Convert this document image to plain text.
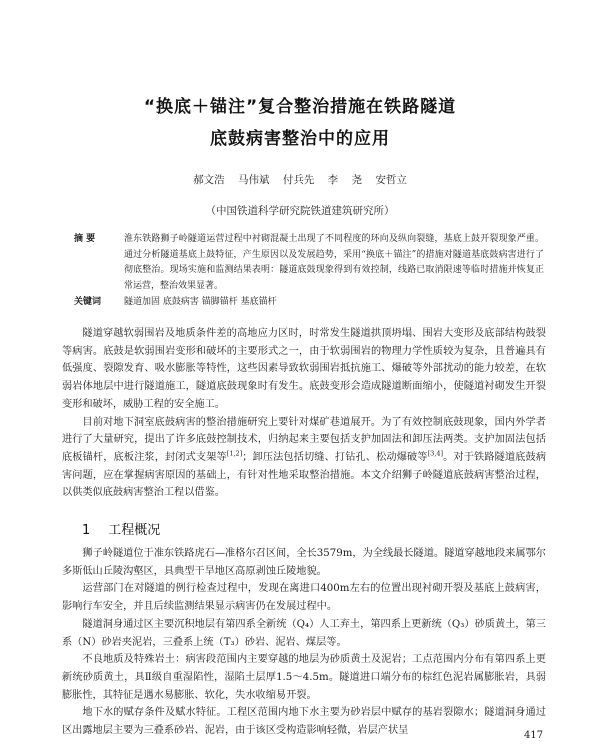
“换底＋锚注”复合整治措施在铁路隧道
底鼓病害整治中的应用
郝文浩 马伟斌 付兵先 李 尧 安哲立
（中国铁道科学研究院铁道建筑研究所）
摘 要	淮东铁路狮子岭隧道运营过程中衬砌混凝土出现了不同程度的环向及纵向裂缝，基底上鼓开裂现象严重。通过分析隧道基底上鼓特征，产生原因以及发展趋势，采用“换底＋锚注”的措施对隧道基底鼓病害进行了彻底整治。现场实施和监测结果表明：隧道底鼓现象得到有效控制，线路已取消限速等临时措施并恢复正常运营，整治效果显著。
关键词	隧道加固 底鼓病害 锚脚锚杆 基底锚杆

隧道穿越软弱围岩及地质条件差的高地应力区时，时常发生隧道拱顶坍塌、围岩大变形及底部结构鼓裂等病害。底鼓是软弱围岩变形和破坏的主要形式之一，由于软弱围岩的物理力学性质较为复杂，且普遍具有低强度、裂隙发育、吸水膨胀等特性，这些因素导致软弱围岩抵抗施工、爆破等外部扰动的能力较差，在软弱岩体地层中进行隧道施工，隧道底鼓现象时有发生。底鼓变形会造成隧道断面缩小，使隧道衬砌发生开裂变形和破坏，威胁工程的安全施工。

目前对地下洞室底鼓病害的整治措施研究上要针对煤矿巷道展开。为了有效控制底鼓现象，国内外学者进行了大量研究，提出了许多底鼓控制技术，归纳起来主要包括支护加固法和卸压法两类。支护加固法包括底板锚杆，底板注浆，封闭式支架等[1,2]；卸压法包括切缝、打钻孔、松动爆破等[3,4]。对于铁路隧道底鼓病害问题，应在掌握病害原因的基础上，有针对性地采取整治措施。本文介绍狮子岭隧道底鼓病害整治过程，以供类似底鼓病害整治工程以借鉴。

1 工程概况

狮子岭隧道位于准东铁路虎石—准格尔召区间，全长3579m，为全线最长隧道。隧道穿越地段来属鄂尔多斯低山丘陵沟壑区，具典型干旱地区高原剥蚀丘陵地貌。

运营部门在对隧道的例行检查过程中，发现在离进口400m左右的位置出现衬砌开裂及基底上鼓病害，影响行车安全，并且后续监测结果显示病害仍在发展过程中。

隧道洞身通过区主要沉积地层有第四系全新统（Q₄）人工弃土，第四系上更新统（Q₃）砂质黄土，第三系（N）砂岩夹泥岩，三叠系上统（T₃）砂岩、泥岩、煤层等。

不良地质及特殊岩土：病害段范围内主要穿越的地层为砂质黄土及泥岩；工点范围内分布有第四系上更新统砂质黄土，具Ⅱ级自重湿陷性，湿陷土层厚1.5～4.5m。隧道进口端分布的棕红色泥岩属膨胀岩，具弱膨胀性，其特征是遇水易膨胀、软化，失水收缩易开裂。

地下水的赋存条件及赋水特征。工程区范围内地下水主要为砂岩层中赋存的基岩裂隙水；隧道洞身通过区出露地层主要为三叠系砂岩、泥岩，由于该区受构造影响轻微，岩层产状呈	417
